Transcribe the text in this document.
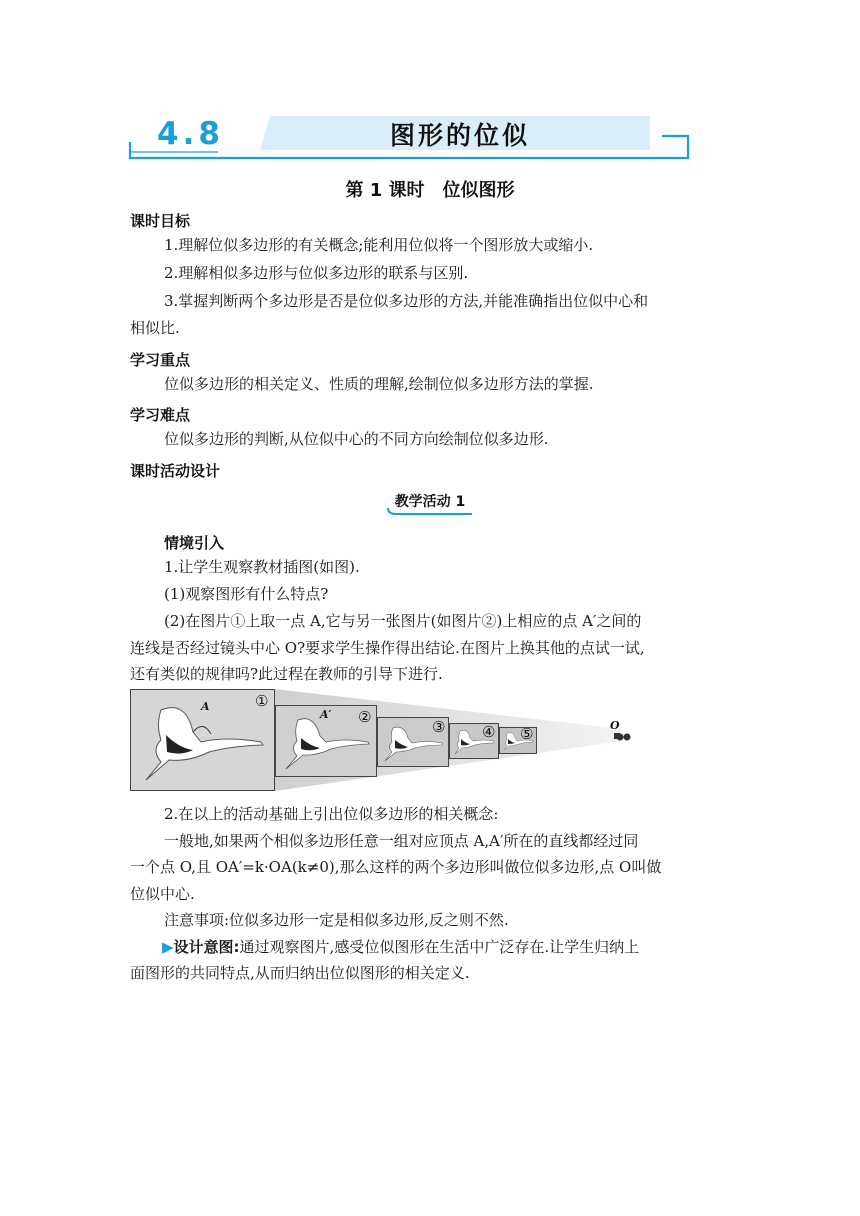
4.8	图形的位似
第 1 课时　位似图形
课时目标
1.理解位似多边形的有关概念;能利用位似将一个图形放大或缩小.
2.理解相似多边形与位似多边形的联系与区别.
3.掌握判断两个多边形是否是位似多边形的方法,并能准确指出位似中心和
相似比.
学习重点
位似多边形的相关定义、性质的理解,绘制位似多边形方法的掌握.
学习难点
位似多边形的判断,从位似中心的不同方向绘制位似多边形.
课时活动设计
教学活动 1
情境引入
1.让学生观察教材插图(如图).
(1)观察图形有什么特点?
(2)在图片①上取一点 A,它与另一张图片(如图片②)上相应的点 A′之间的
连线是否经过镜头中心 O?要求学生操作得出结论.在图片上换其他的点试一试,
还有类似的规律吗?此过程在教师的引导下进行.
A	①
A′ ②
③ ④ ⑤	O
2.在以上的活动基础上引出位似多边形的相关概念:
一般地,如果两个相似多边形任意一组对应顶点 A,A′所在的直线都经过同
一个点 O,且 OA′=k·OA(k≠0),那么这样的两个多边形叫做位似多边形,点 O叫做
位似中心.
注意事项:位似多边形一定是相似多边形,反之则不然.
▶设计意图:通过观察图片,感受位似图形在生活中广泛存在.让学生归纳上
面图形的共同特点,从而归纳出位似图形的相关定义.
